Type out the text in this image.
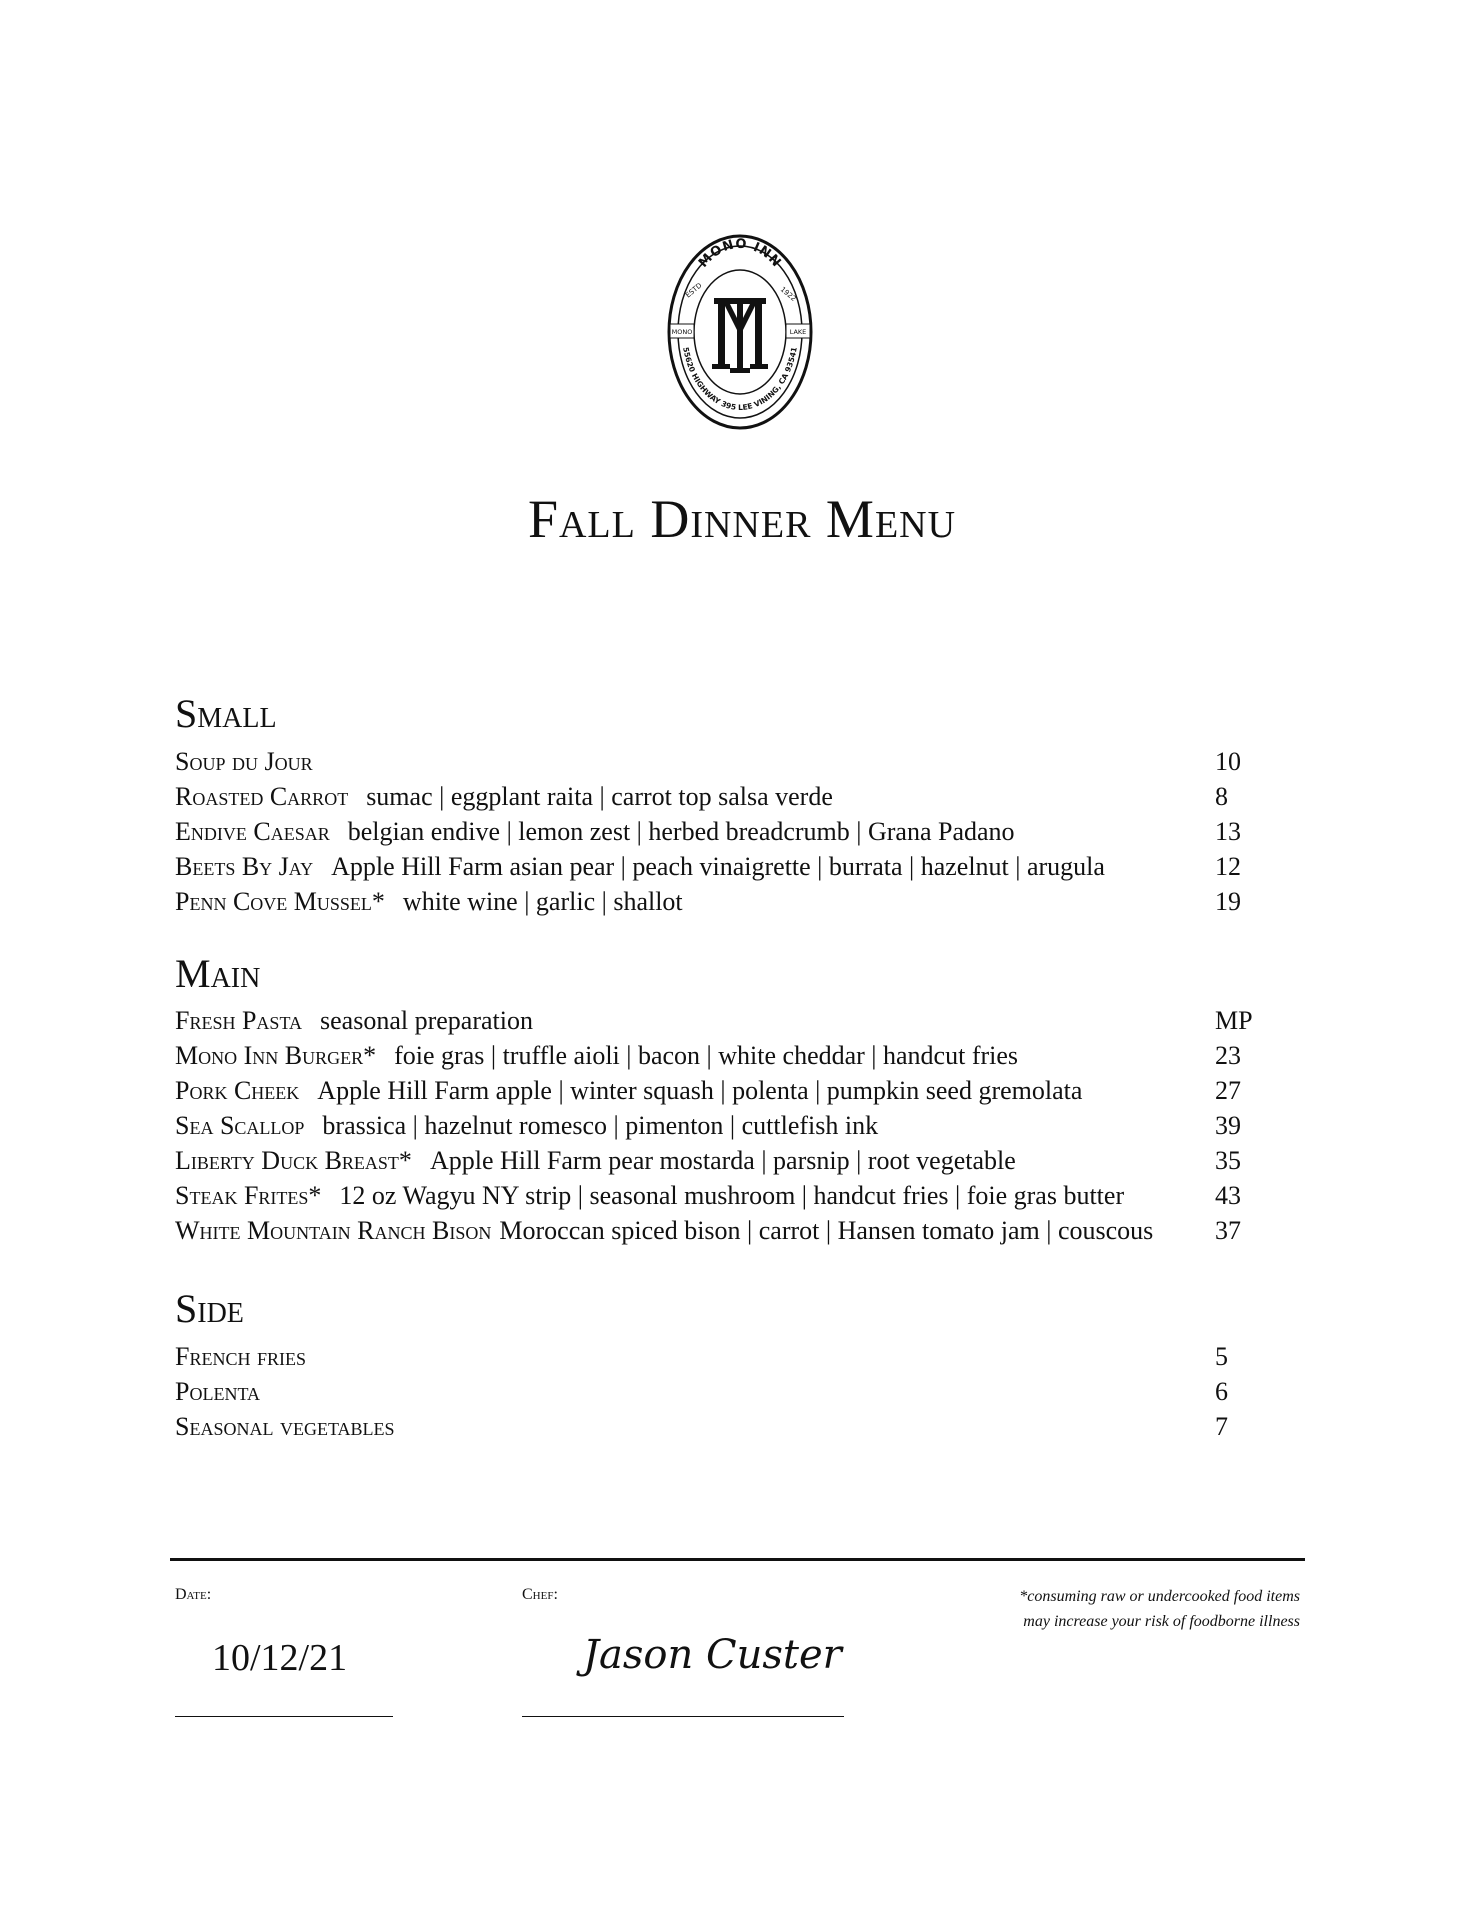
MONO INN
ESTD	1922
MONO	LAKE
55620 HIGHWAY 395 LEE VINING, CA 93541
Fall Dinner Menu
Small
Soup du Jour	10
Roasted Carrot sumac | eggplant raita | carrot top salsa verde	8
Endive Caesar belgian endive | lemon zest | herbed breadcrumb | Grana Padano	13
Beets By Jay Apple Hill Farm asian pear | peach vinaigrette | burrata | hazelnut | arugula	12
Penn Cove Mussel* white wine | garlic | shallot	19
Main
Fresh Pasta seasonal preparation	MP
Mono Inn Burger* foie gras | truffle aioli | bacon | white cheddar | handcut fries	23
Pork Cheek Apple Hill Farm apple | winter squash | polenta | pumpkin seed gremolata	27
Sea Scallop brassica | hazelnut romesco | pimenton | cuttlefish ink	39
Liberty Duck Breast* Apple Hill Farm pear mostarda | parsnip | root vegetable	35
Steak Frites* 12 oz Wagyu NY strip | seasonal mushroom | handcut fries | foie gras butter	43
White Mountain Ranch Bison Moroccan spiced bison | carrot | Hansen tomato jam | couscous 37
Side
French fries	5
Polenta	6
Seasonal vegetables	7
Date:	Chef:	*consuming raw or undercooked food items
may increase your risk of foodborne illness
10/12/21	Jason Custer
